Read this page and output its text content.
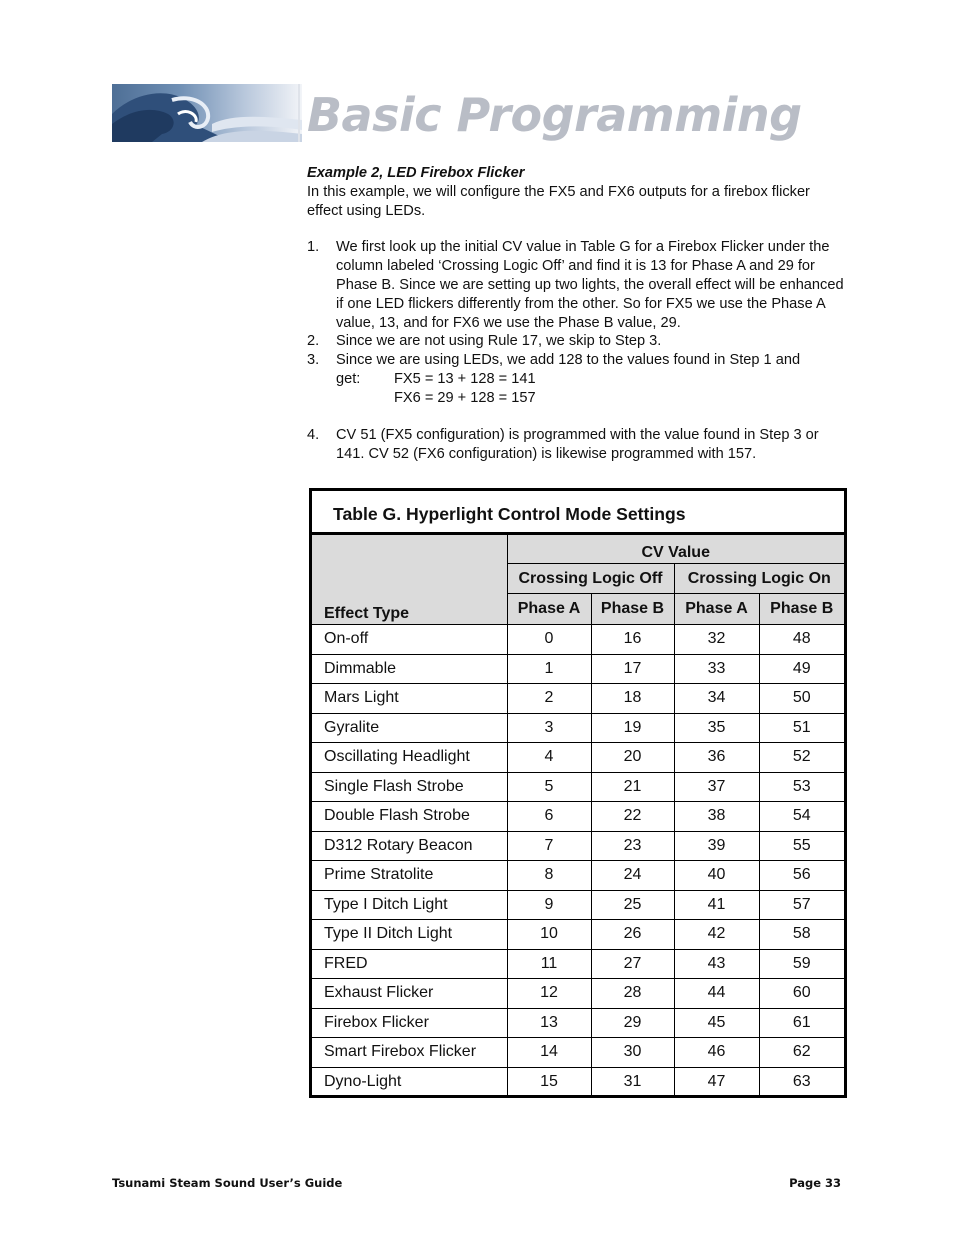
Basic Programming
Example 2, LED Firebox Flicker

In this example, we will configure the FX5 and FX6 outputs for a firebox flicker effect using LEDs.

1. We first look up the initial CV value in Table G for a Firebox Flicker under the column labeled ‘Crossing Logic Off’ and find it is 13 for Phase A and 29 for Phase B. Since we are setting up two lights, the overall effect will be enhanced if one LED flickers differently from the other. So for FX5 we use the Phase A value, 13, and for FX6 we use the Phase B value, 29.
2. Since we are not using Rule 17, we skip to Step 3.
3. Since we are using LEDs, we add 128 to the values found in Step 1 and
get:	FX5 = 13 + 128 = 141
FX6 = 29 + 128 = 157
4. CV 51 (FX5 configuration) is programmed with the value found in Step 3 or 141. CV 52 (FX6 configuration) is likewise programmed with 157.
Table G. Hyperlight Control Mode Settings
Effect Type	CV Value			
	Crossing Logic Off		Crossing Logic On	
	Phase A	Phase B	Phase A	Phase B
On-off	0	16	32	48
Dimmable	1	17	33	49
Mars Light	2	18	34	50
Gyralite	3	19	35	51
Oscillating Headlight	4	20	36	52
Single Flash Strobe	5	21	37	53
Double Flash Strobe	6	22	38	54
D312 Rotary Beacon	7	23	39	55
Prime Stratolite	8	24	40	56
Type I Ditch Light	9	25	41	57
Type II Ditch Light	10	26	42	58
FRED	11	27	43	59
Exhaust Flicker	12	28	44	60
Firebox Flicker	13	29	45	61
Smart Firebox Flicker	14	30	46	62
Dyno-Light	15	31	47	63
Tsunami Steam Sound User’s Guide	Page 33
